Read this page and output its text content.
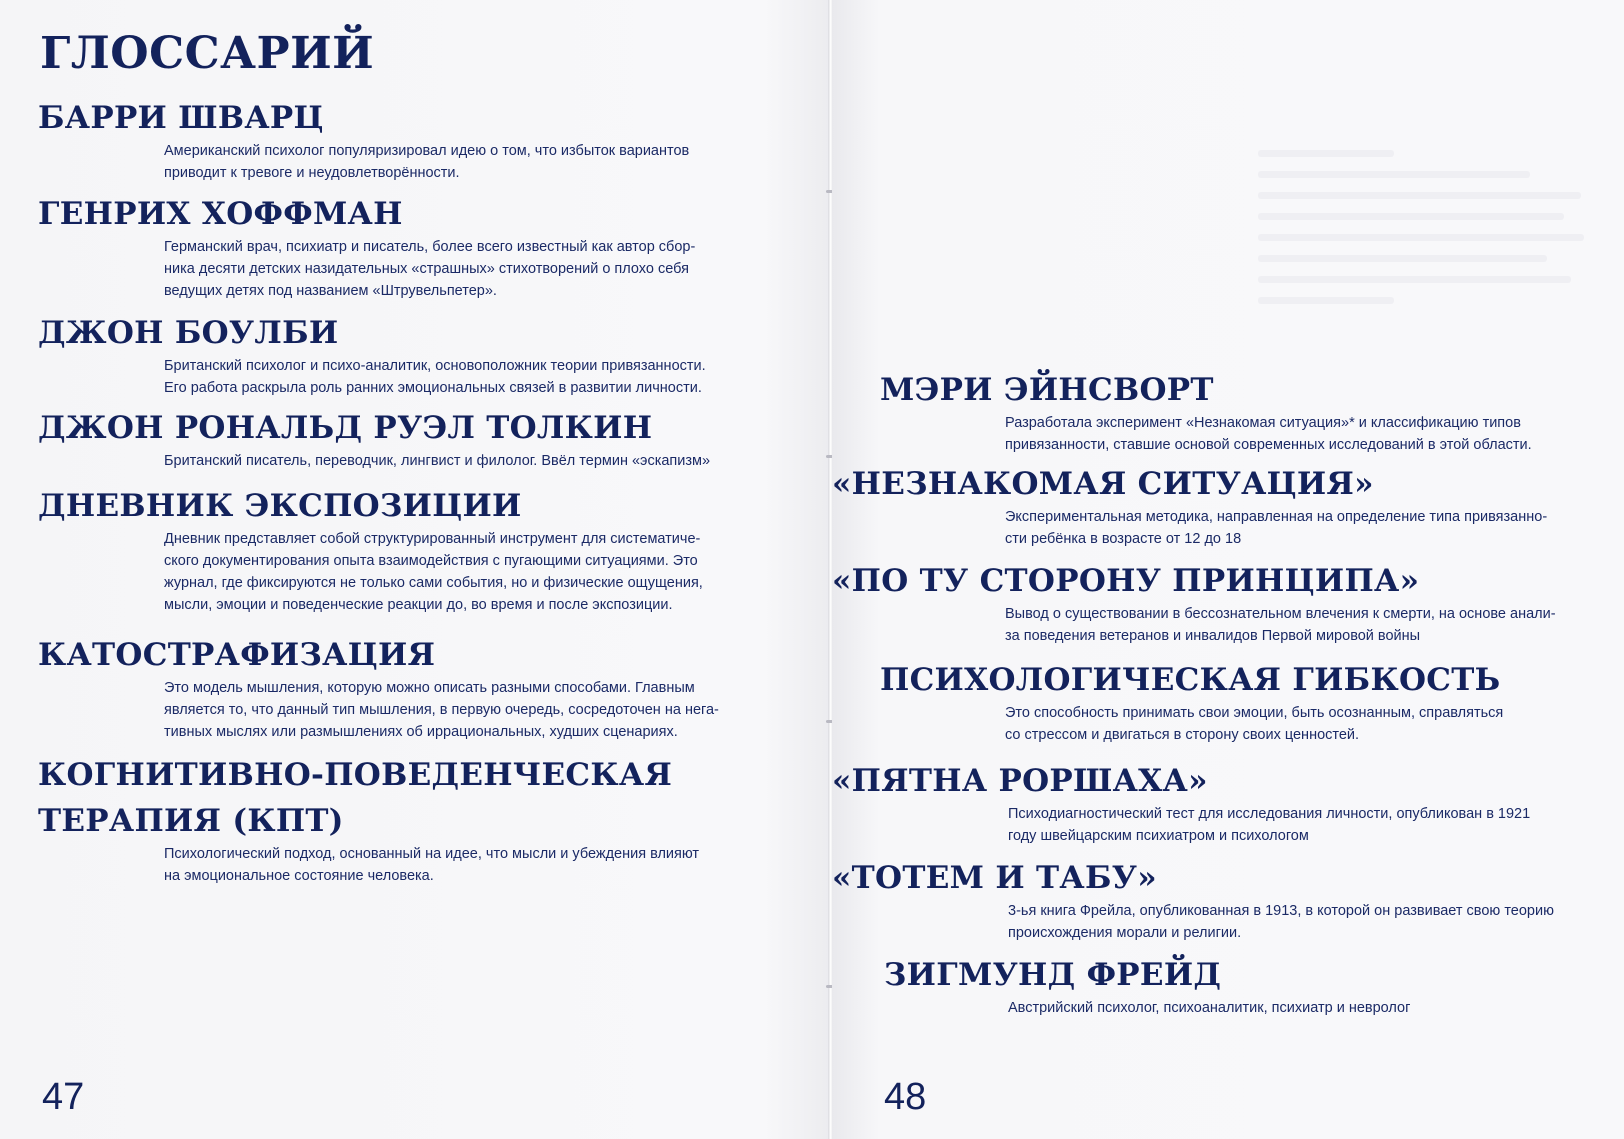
ГЛОССАРИЙ
БАРРИ ШВАРЦ

Американский психолог популяризировал идею о том, что избыток вариантов
приводит к тревоге и неудовлетворённости.

ГЕНРИХ ХОФФМАН

Германский врач, психиатр и писатель, более всего известный как автор сбор-
ника десяти детских назидательных «страшных» стихотворений о плохо себя
ведущих детях под названием «Штрувельпетер».

ДЖОН БОУЛБИ

Британский психолог и психо-аналитик, основоположник теории привязанности.
Его работа раскрыла роль ранних эмоциональных связей в развитии личности.

ДЖОН РОНАЛЬД РУЭЛ ТОЛКИН

Британский писатель, переводчик, лингвист и филолог. Ввёл термин «эскапизм»

ДНЕВНИК ЭКСПОЗИЦИИ

Дневник представляет собой структурированный инструмент для систематиче-
ского документирования опыта взаимодействия с пугающими ситуациями. Это
журнал, где фиксируются не только сами события, но и физические ощущения,
мысли, эмоции и поведенческие реакции до, во время и после экспозиции.

КАТОСТРАФИЗАЦИЯ

Это модель мышления, которую можно описать разными способами. Главным
является то, что данный тип мышления, в первую очередь, сосредоточен на нега-
тивных мыслях или размышлениях об иррациональных, худших сценариях.

КОГНИТИВНО-ПОВЕДЕНЧЕСКАЯ
ТЕРАПИЯ (КПТ)

Психологический подход, основанный на идее, что мысли и убеждения влияют
на эмоциональное состояние человека.

47

МЭРИ ЭЙНСВОРТ

Разработала эксперимент «Незнакомая ситуация»* и классификацию типов
привязанности, ставшие основой современных исследований в этой области.

«НЕЗНАКОМАЯ СИТУАЦИЯ»

Экспериментальная методика, направленная на определение типа привязанно-
сти ребёнка в возрасте от 12 до 18

«ПО ТУ СТОРОНУ ПРИНЦИПА»

Вывод о существовании в бессознательном влечения к смерти, на основе анали-
за поведения ветеранов и инвалидов Первой мировой войны

ПСИХОЛОГИЧЕСКАЯ ГИБКОСТЬ

Это способность принимать свои эмоции, быть осознанным, справляться
со стрессом и двигаться в сторону своих ценностей.

«ПЯТНА РОРШАХА»

Психодиагностический тест для исследования личности, опубликован в 1921
году швейцарским психиатром и психологом

«ТОТЕМ И ТАБУ»

3-ья книга Фрейла, опубликованная в 1913, в которой он развивает свою теорию
происхождения морали и религии.

ЗИГМУНД ФРЕЙД

Австрийский психолог, психоаналитик, психиатр и невролог

48
